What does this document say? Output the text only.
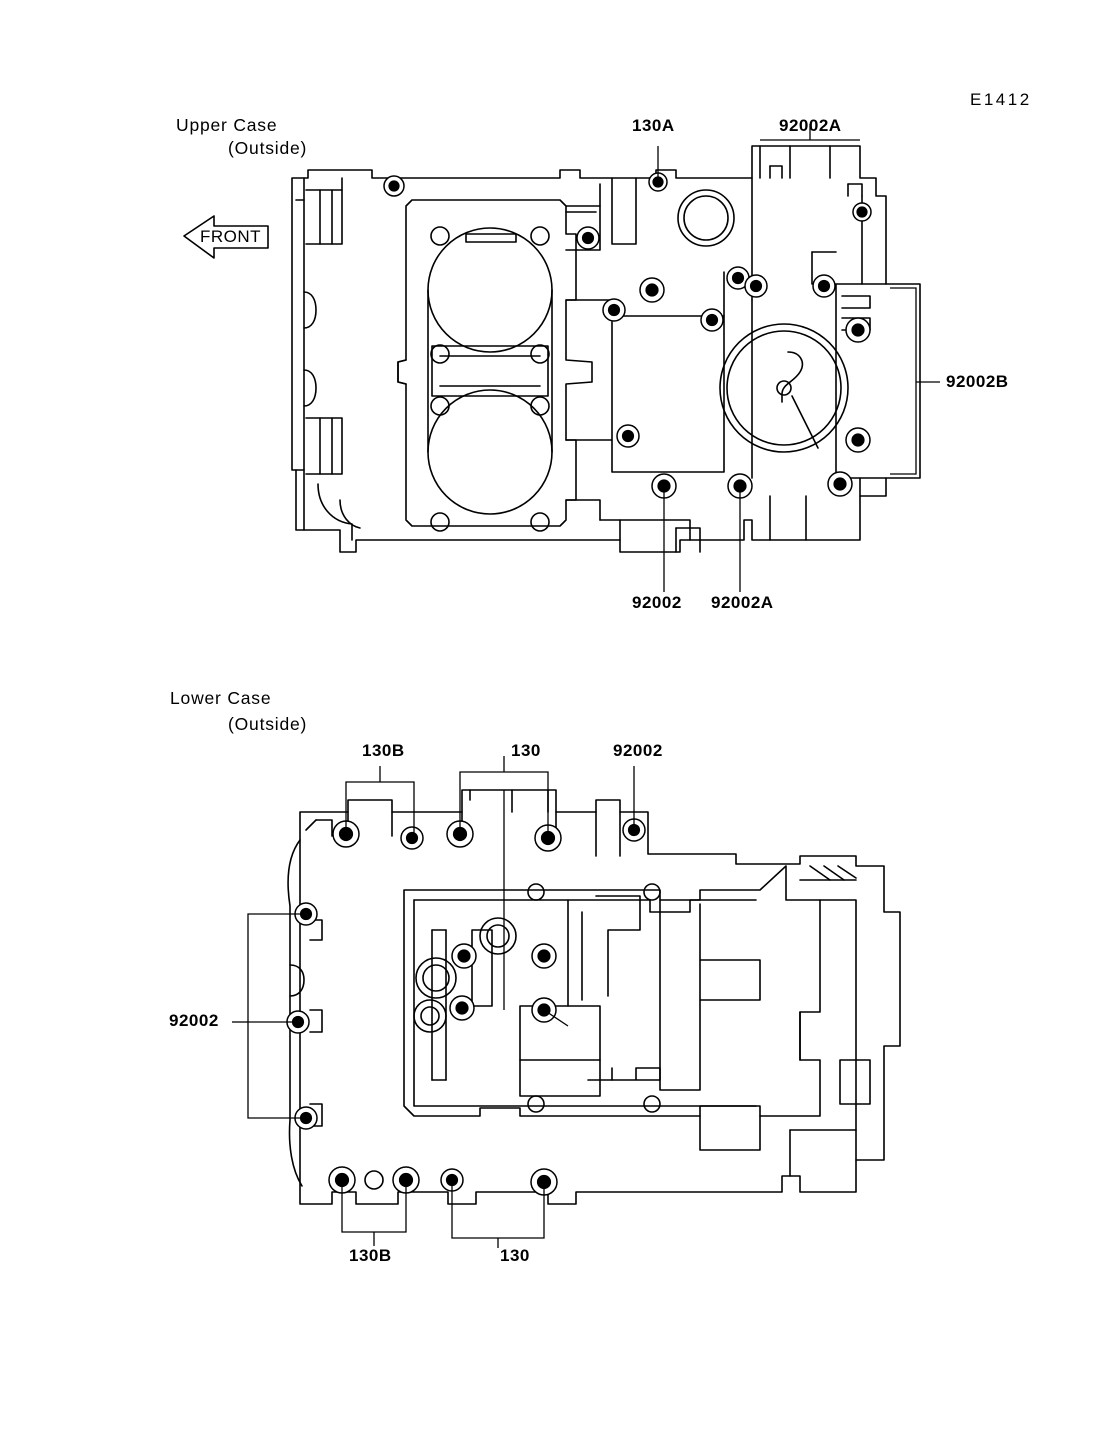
E1412
Upper Case
(Outside)
FRONT
130A	92002A
92002B
92002 92002A
Lower Case
(Outside)
130B	130	92002
92002
130B	130
